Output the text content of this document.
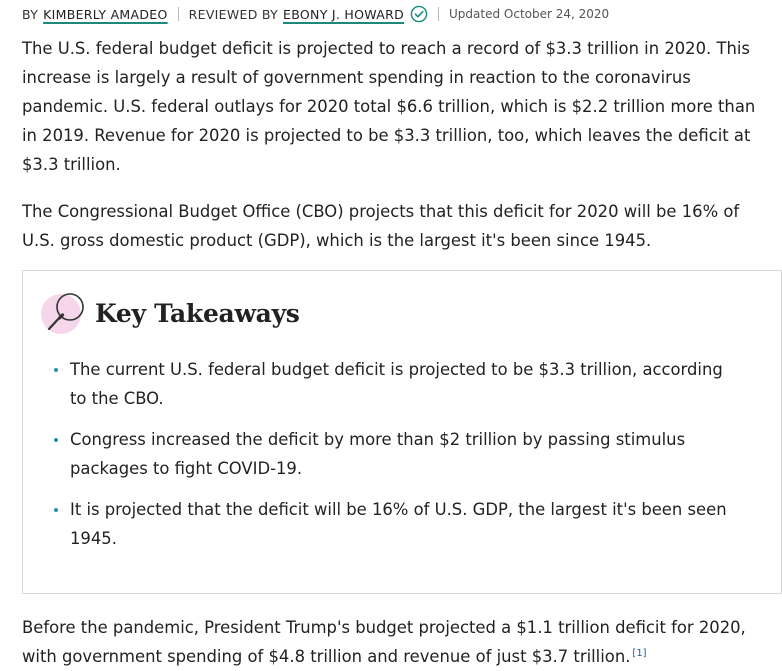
BY KIMBERLY AMADEO REVIEWED BY EBONY J. HOWARD	Updated October 24, 2020

The U.S. federal budget deficit is projected to reach a record of $3.3 trillion in 2020. This increase is largely a result of government spending in reaction to the coronavirus pandemic. U.S. federal outlays for 2020 total $6.6 trillion, which is $2.2 trillion more than in 2019. Revenue for 2020 is projected to be $3.3 trillion, too, which leaves the deficit at $3.3 trillion.

The Congressional Budget Office (CBO) projects that this deficit for 2020 will be 16% of U.S. gross domestic product (GDP), which is the largest it's been since 1945.

Key Takeaways
The current U.S. federal budget deficit is projected to be $3.3 trillion, according to the CBO.
Congress increased the deficit by more than $2 trillion by passing stimulus packages to fight COVID-19.
It is projected that the deficit will be 16% of U.S. GDP, the largest it's been seen 1945.

Before the pandemic, President Trump's budget projected a $1.1 trillion deficit for 2020, with government spending of $4.8 trillion and revenue of just $3.7 trillion. [1]
